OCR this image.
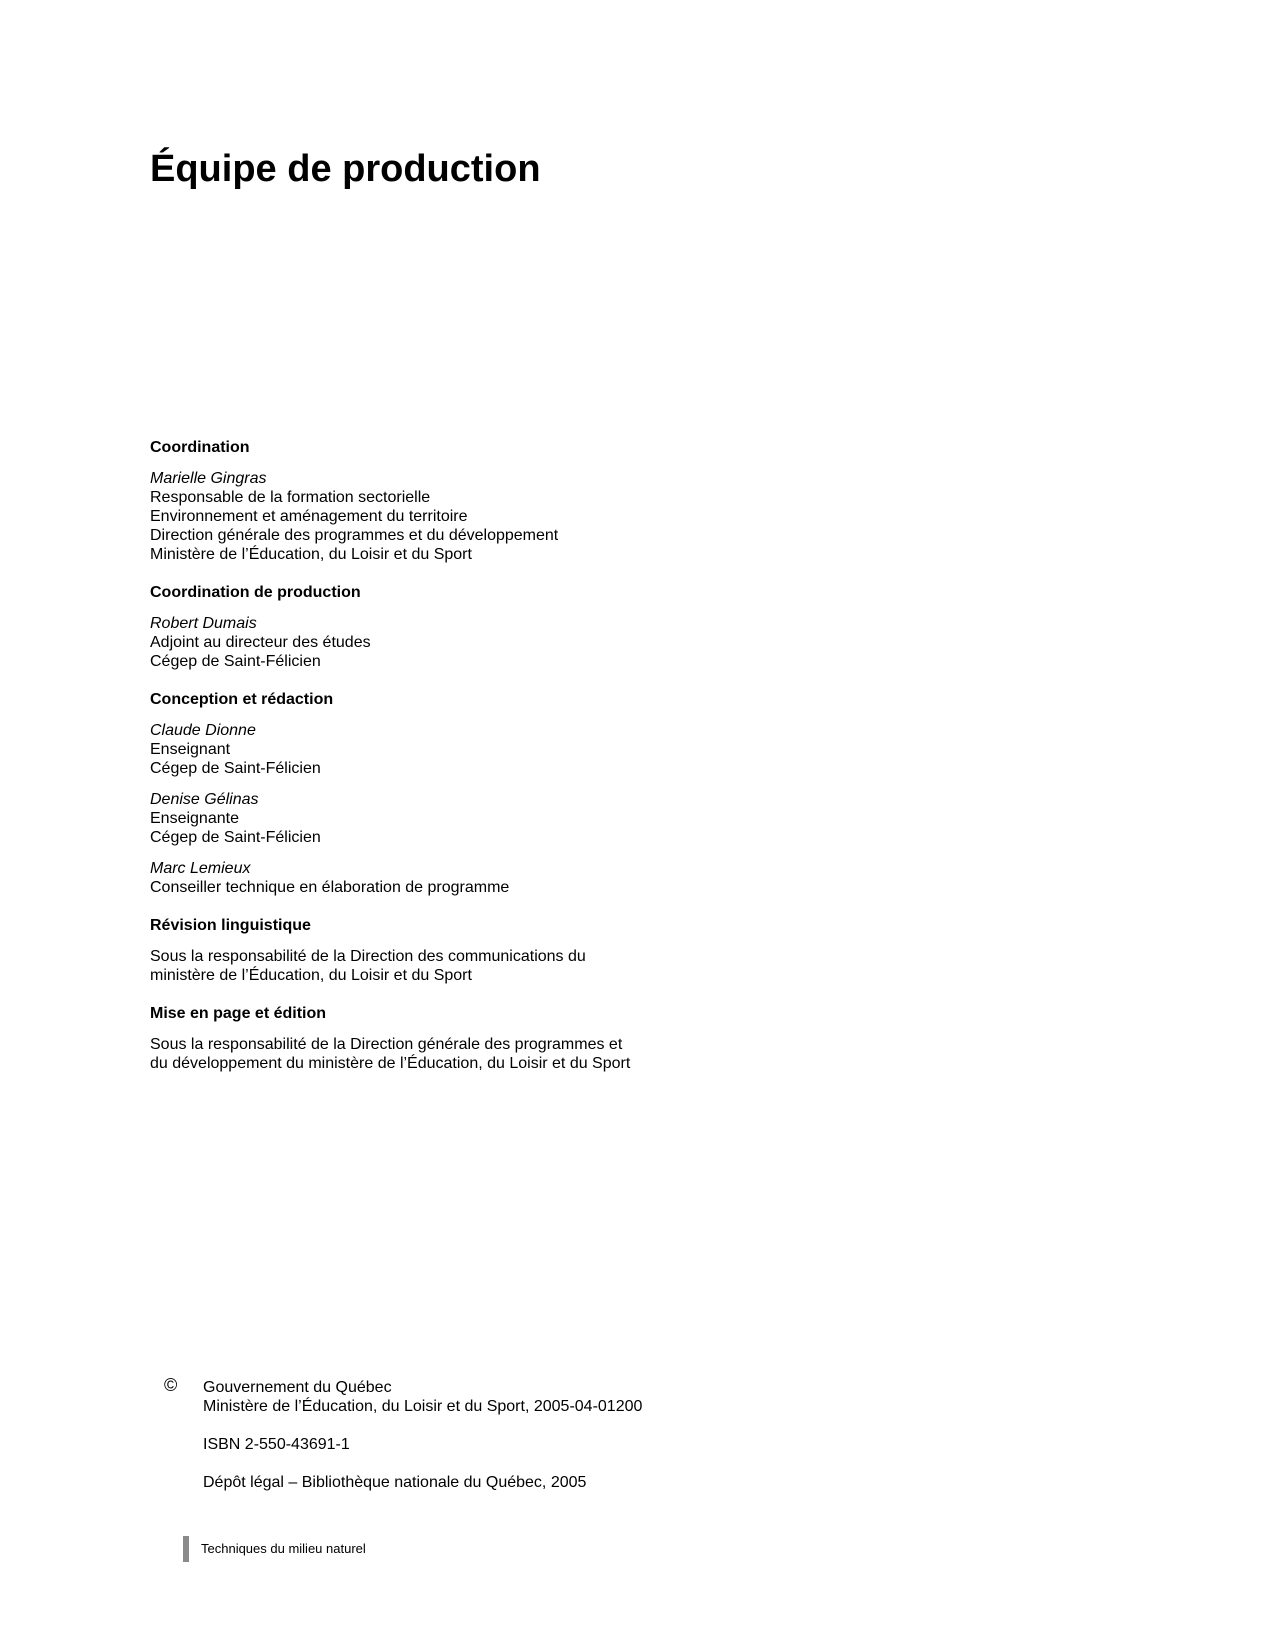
Équipe de production
Coordination
Marielle Gingras
Responsable de la formation sectorielle
Environnement et aménagement du territoire
Direction générale des programmes et du développement
Ministère de l’Éducation, du Loisir et du Sport
Coordination de production
Robert Dumais
Adjoint au directeur des études
Cégep de Saint-Félicien
Conception et rédaction
Claude Dionne
Enseignant
Cégep de Saint-Félicien
Denise Gélinas
Enseignante
Cégep de Saint-Félicien
Marc Lemieux
Conseiller technique en élaboration de programme
Révision linguistique
Sous la responsabilité de la Direction des communications du
ministère de l’Éducation, du Loisir et du Sport
Mise en page et édition
Sous la responsabilité de la Direction générale des programmes et
du développement du ministère de l’Éducation, du Loisir et du Sport
© Gouvernement du Québec
Ministère de l’Éducation, du Loisir et du Sport, 2005-04-01200

ISBN 2-550-43691-1

Dépôt légal – Bibliothèque nationale du Québec, 2005

Techniques du milieu naturel
